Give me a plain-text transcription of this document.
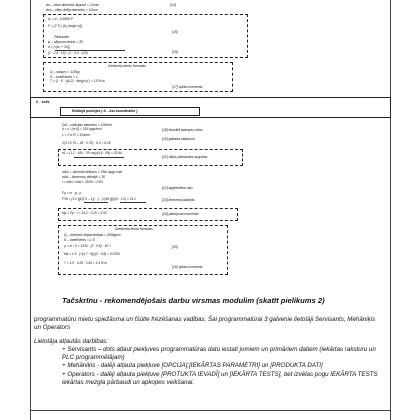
dn – vītņu diametrs ārpusē = 12mm
dvv – vītņu ārējā diametrs = 10mm
[14]
d₂ = d – 0.6495·P
F = (2·T) / (d₂·tan(ψ+ρ'))
[16]
Pārbaude
φ – slīpuma leņķis = 30
σ = (√(σ² + 3τ²))
(1 · 2.5 · 15) · (1 · 3.3 · 120)	[19]
Dzelzceļa lemtu formulas
Q – sasprs = 120kg
K – koeficients = 1
T = Q · K · (d₂/2) · tan(ψ+ρ') = 1.5 N·m
[17] vptika momentu
6 – solis
Rotācija pozīcijas ( A – ass koordinātes )
DA – rotācijas diametrs = 100mm
n = v / (π·D) = 318 apgr/min	[18] formātā apkopes ceļos
L = 2·π·R = 314mm
[20] gabarta atšķirumi
V(1·10·76 – 45 · 0.75) · 8.5 = 6.28
n1 = (1.2 · 160 · 76·cos)/(4.8 · 84) = 20.94
[21] vājas pārbaudes augstmu
nAm – akcents lieltums = 25m apgr./min
nAd – ātrumoss dzinējā = 30
i = nAm / nAd = 25/30 = 0.83
[22] apgriezienu aku
Fρ = m · g · μ
FTA = (1.2·ḡ)/(1.5 – 1)(…) · (√(40·ḡ))/(4 · 1.5) = 14.2	[23] freimeņa pabrijās
Mρ = Fρ · r = 14.2 · 0.25 = 3.55	[24] pabrijuma momentu
Dzelzceļa lemtu formulas
Q – blokveis šķipurvielbas = 400kg/m³
K – koeficients = 1.5
ρ = m / V = 1200 · (2 · 0.8) · 10⁻³	[25]
Mk = 1.5 · (√(4.7 · 8))/(2 · 0.8) = 0.0256
T = 1.5 · 0.26 · 2.64 = 1.4 N·m
[26] vptika momentu
Tačskrīnu - rekomendējošais darbu virsmas modulim (skatīt pielikums 2)
programmatūru mietu spiežāsma un fšūlte frézēšanas vadības. Šai programmatūrai 3 galvenie lietotāji Servisants, Mehāniķis un Operators
Lietotāja atļautās darbības:
+ Servisants – dots atļaut piekļuves programmatūras datu iestati jomiem un primāriem datiem (iekārtas raksturu un PLC programmētājam)
+ Mehāniķis - dalēji atļauta piekļuve [OPCIJA];[IEKĀRTAS PARAMETRI] un [PRODUKTA DATI]
+ Operators - dalēji atļauta piekļuve [PROTUKTA IEVADĪ] un [IEKĀRTA TESTS], bet izvēlas pogu IEKĀRTA TESTS iekārtas mezgla pārbaudi un apkopes veikšanai.
